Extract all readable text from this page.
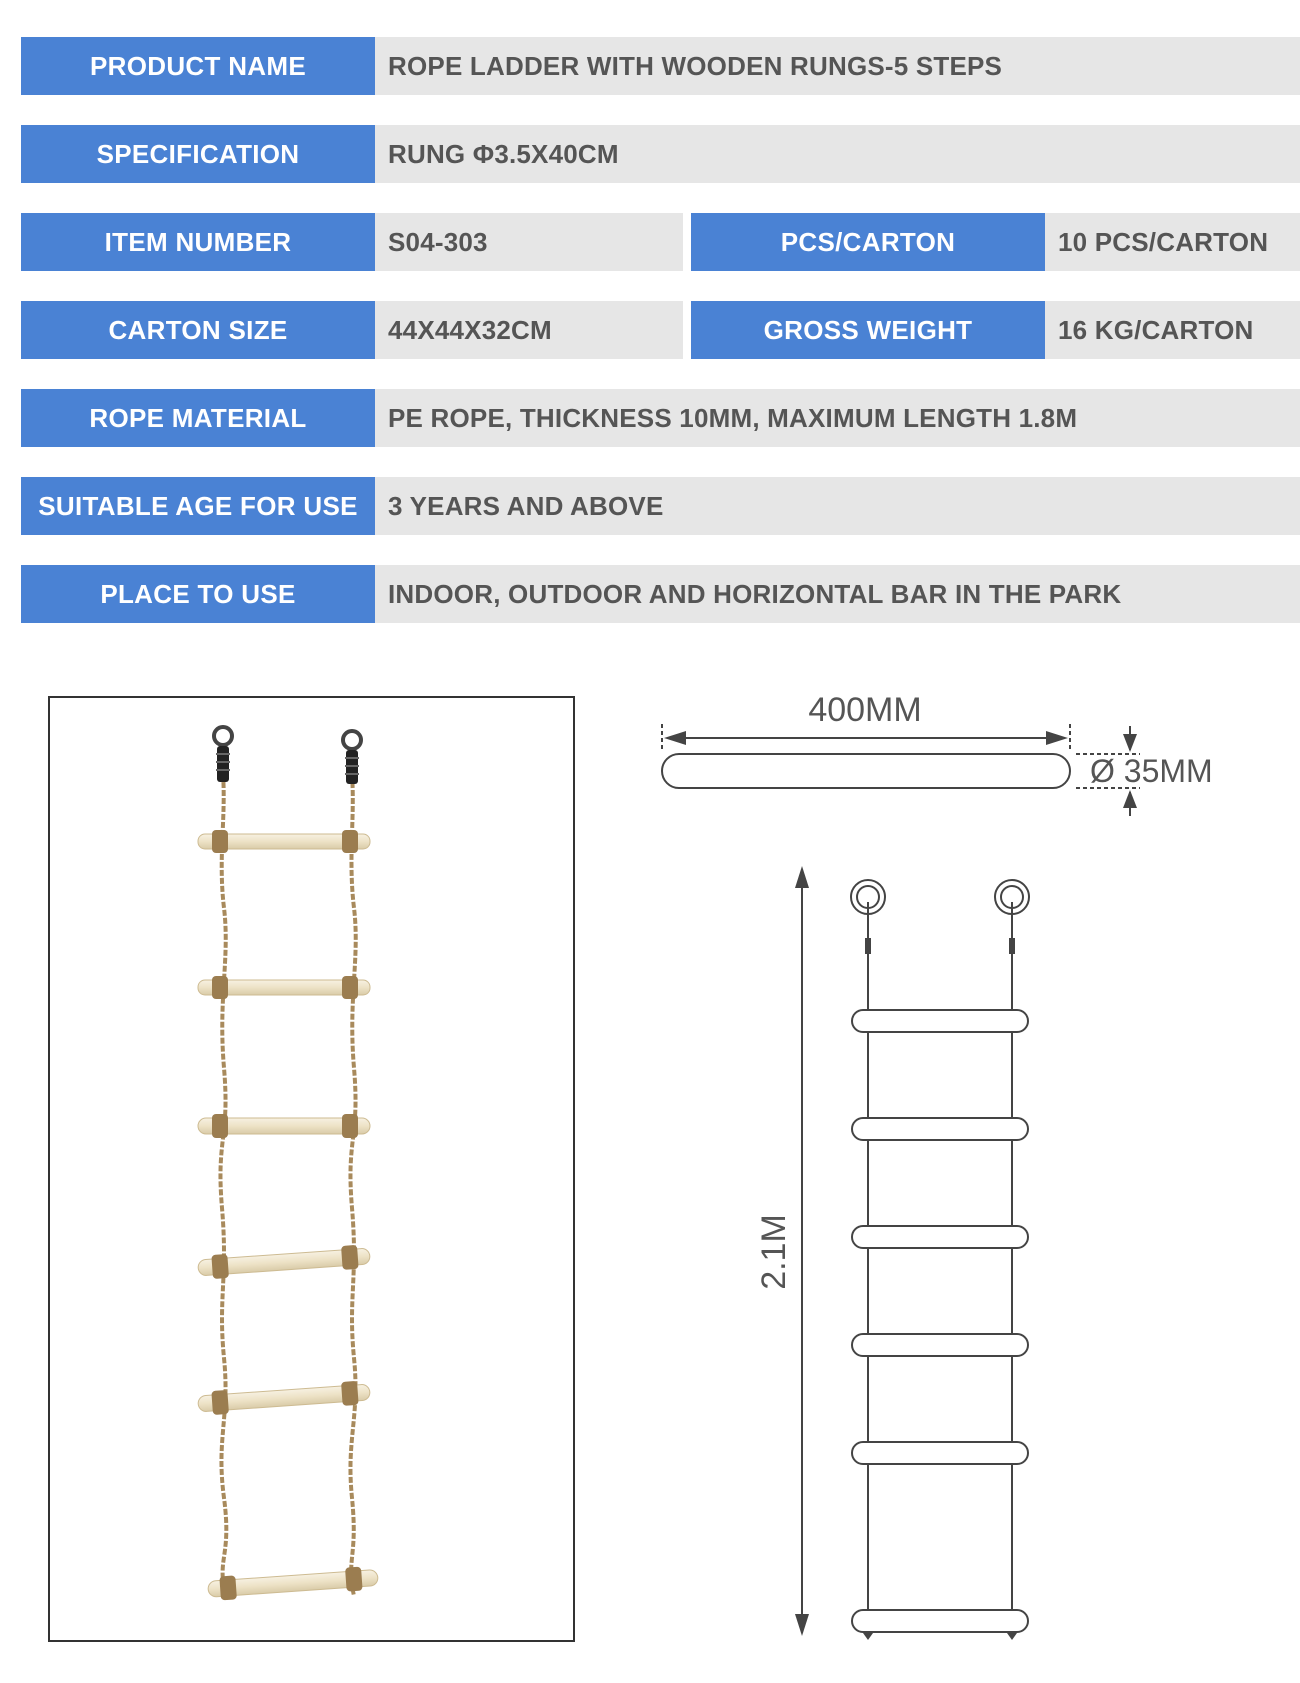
PRODUCT NAME	ROPE LADDER WITH WOODEN RUNGS-5 STEPS
SPECIFICATION	RUNG Φ3.5X40CM
ITEM NUMBER	S04-303	PCS/CARTON	10 PCS/CARTON
CARTON SIZE	44X44X32CM	GROSS WEIGHT	16 KG/CARTON
ROPE MATERIAL	PE ROPE, THICKNESS 10MM, MAXIMUM LENGTH 1.8M
SUITABLE AGE FOR USE	3 YEARS AND ABOVE
PLACE TO USE	INDOOR, OUTDOOR AND HORIZONTAL BAR IN THE PARK
400MM
Ø 35MM
2.1M
